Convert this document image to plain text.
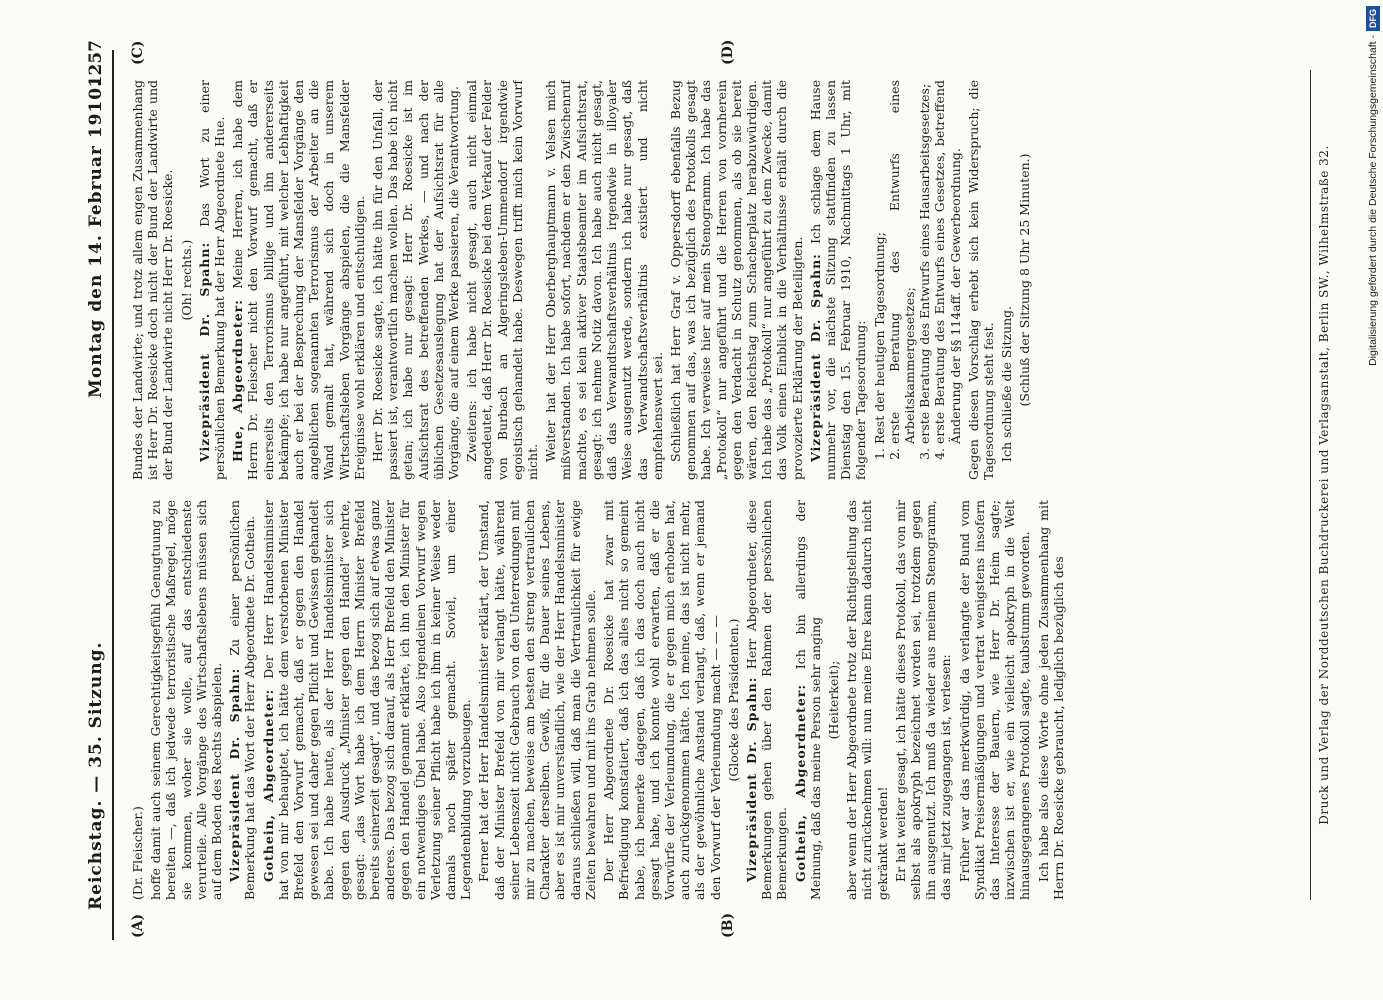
Reichstag. — 35. Sitzung.
Montag den 14. Februar 1910.
1257
(A)	(B)
(C)	(D)

(Dr. Fleischer.) hoffe damit auch seinem Gerechtigkeitsgefühl Genugtuung zu bereiten —, daß ich jedwede terroristische Maßregel, möge sie kommen, woher sie wolle, auf das entschiedenste verurteile. Alle Vorgänge des Wirtschaftslebens müssen sich auf dem Boden des Rechts abspielen. Vizepräsident Dr. Spahn: Zu einer persönlichen Bemerkung hat das Wort der Herr Abgeordnete Dr. Gothein. Gothein, Abgeordneter: Der Herr Handelsminister hat von mir behauptet, ich hätte dem verstorbenen Minister Brefeld den Vorwurf gemacht, daß er gegen den Handel gewesen sei und daher gegen Pflicht und Gewissen gehandelt habe. Ich habe heute, als der Herr Handelsminister sich gegen den Ausdruck „Minister gegen den Handel“ wehrte, gesagt: „das Wort habe ich dem Herrn Minister Brefeld bereits seinerzeit gesagt“, und das bezog sich auf etwas ganz anderes. Das bezog sich darauf, als Herr Brefeld den Minister gegen den Handel genannt erklärte, ich ihn den Minister für ein notwendiges Übel habe. Also irgendeinen Vorwurf wegen Verletzung seiner Pflicht habe ich ihm in keiner Weise weder damals noch später gemacht. Soviel, um einer Legendenbildung vorzubeugen. Ferner hat der Herr Handelsminister erklärt, der Umstand, daß der Minister Brefeld von mir verlangt hätte, während seiner Lebenszeit nicht Gebrauch von den Unterredungen mit mir zu machen, beweise am besten den streng vertraulichen Charakter derselben. Gewiß, für die Dauer seines Lebens, aber es ist mir unverständlich, wie der Herr Handelsminister daraus schließen will, daß man die Vertraulichkeit für ewige Zeiten bewahren und mit ins Grab nehmen solle. Der Herr Abgeordnete Dr. Roesicke hat zwar mit Befriedigung konstatiert, daß ich das alles nicht so gemeint habe, ich bemerke dagegen, daß ich das doch auch nicht gesagt habe, und ich konnte wohl erwarten, daß er die Vorwürfe der Verleumdung, die er gegen mich erhoben hat, auch zurückgenommen hätte. Ich meine, das ist nicht mehr, als der gewöhnliche Anstand verlangt, daß, wenn er jemand den Vorwurf der Verleumdung macht — — — (Glocke des Präsidenten.) Vizepräsident Dr. Spahn: Herr Abgeordneter, diese Bemerkungen gehen über den Rahmen der persönlichen Bemerkungen. Gothein, Abgeordneter: Ich bin allerdings der Meinung, daß das meine Person sehr anging (Heiterkeit); aber wenn der Herr Abgeordnete trotz der Richtigstellung das nicht zurücknehmen will: nun meine Ehre kann dadurch nicht gekränkt werden! Er hat weiter gesagt, ich hätte dieses Protokoll, das von mir selbst als apokryph bezeichnet worden sei, trotzdem gegen ihn ausgenutzt. Ich muß da wieder aus meinem Stenogramm, das mir jetzt zugegangen ist, verlesen: Früher war das merkwürdig, da verlangte der Bund vom Syndikat Preisermäßigungen und vertrat wenigstens insofern das Interesse der Bauern, wie Herr Dr. Heim sagte; inzwischen ist er, wie ein vielleicht apokryph in die Welt hinausgegangenes Protokoll sagte, taubstumm geworden. Ich habe also diese Worte ohne jeden Zusammenhang mit Herrn Dr. Roesicke gebraucht, lediglich bezüglich des

Bundes der Landwirte; und trotz allem engen Zusammenhang ist Herr Dr. Roesicke doch nicht der Bund der Landwirte und der Bund der Landwirte nicht Herr Dr. Roesicke. (Oh! rechts.) Vizepräsident Dr. Spahn: Das Wort zu einer persönlichen Bemerkung hat der Herr Abgeordnete Hue. Hue, Abgeordneter: Meine Herren, ich habe dem Herrn Dr. Fleischer nicht den Vorwurf gemacht, daß er einerseits den Terrorismus billige und ihn andererseits bekämpfe; ich habe nur angeführt, mit welcher Lebhaftigkeit auch er bei der Besprechung der Mansfelder Vorgänge den angeblichen sogenannten Terrorismus der Arbeiter an die Wand gemalt hat, während sich doch in unserem Wirtschaftsleben Vorgänge abspielen, die die Mansfelder Ereignisse wohl erklären und entschuldigen. Herr Dr. Roesicke sagte, ich hätte ihn für den Unfall, der passiert ist, verantwortlich machen wollen. Das habe ich nicht getan; ich habe nur gesagt: Herr Dr. Roesicke ist im Aufsichtsrat des betreffenden Werkes, — und nach der üblichen Gesetzesauslegung hat der Aufsichtsrat für alle Vorgänge, die auf einem Werke passieren, die Verantwortung. Zweitens: ich habe nicht gesagt, auch nicht einmal angedeutet, daß Herr Dr. Roesicke bei dem Verkauf der Felder von Burbach an Algeringsleben-Ummendorf irgendwie egoistisch gehandelt habe. Deswegen trifft mich kein Vorwurf nicht. Weiter hat der Herr Oberberghauptmann v. Velsen mich mißverstanden. Ich habe sofort, nachdem er den Zwischenruf machte, es sei kein aktiver Staatsbeamter im Aufsichtsrat, gesagt: ich nehme Notiz davon. Ich habe auch nicht gesagt, daß das Verwandtschaftsverhältnis irgendwie in illoyaler Weise ausgenutzt werde, sondern ich habe nur gesagt, daß das Verwandtschaftsverhältnis existiert und nicht empfehlenswert sei. Schließlich hat Herr Graf v. Oppersdorff ebenfalls Bezug genommen auf das, was ich bezüglich des Protokolls gesagt habe. Ich verweise hier auf mein Stenogramm. Ich habe das „Protokoll“ nur angeführt und die Herren von vornherein gegen den Verdacht in Schutz genommen, als ob sie bereit wären, den Reichstag zum Schacherplatz herabzuwürdigen. Ich habe das „Protokoll“ nur angeführt zu dem Zwecke, damit das Volk einen Einblick in die Verhältnisse erhält durch die provozierte Erklärung der Beteiligten. Vizepräsident Dr. Spahn: Ich schlage dem Hause nunmehr vor, die nächste Sitzung stattfinden zu lassen Dienstag den 15. Februar 1910, Nachmittags 1 Uhr, mit folgender Tagesordnung: 1. Rest der heutigen Tagesordnung; 2. erste Beratung des Entwurfs eines Arbeitskammergesetzes; 3. erste Beratung des Entwurfs eines Hausarbeitsgesetzes; 4. erste Beratung des Entwurfs eines Gesetzes, betreffend Änderung der §§ 114aff. der Gewerbeordnung. Gegen diesen Vorschlag erhebt sich kein Widerspruch; die Tagesordnung steht fest. Ich schließe die Sitzung. (Schluß der Sitzung 8 Uhr 25 Minuten.)	Druck und Verlag der Norddeutschen Buchdruckerei und Verlagsanstalt, Berlin SW., Wilhelmstraße 32.	Digitalisierung gefördert durch die Deutsche Forschungsgemeinschaft -
DFG
